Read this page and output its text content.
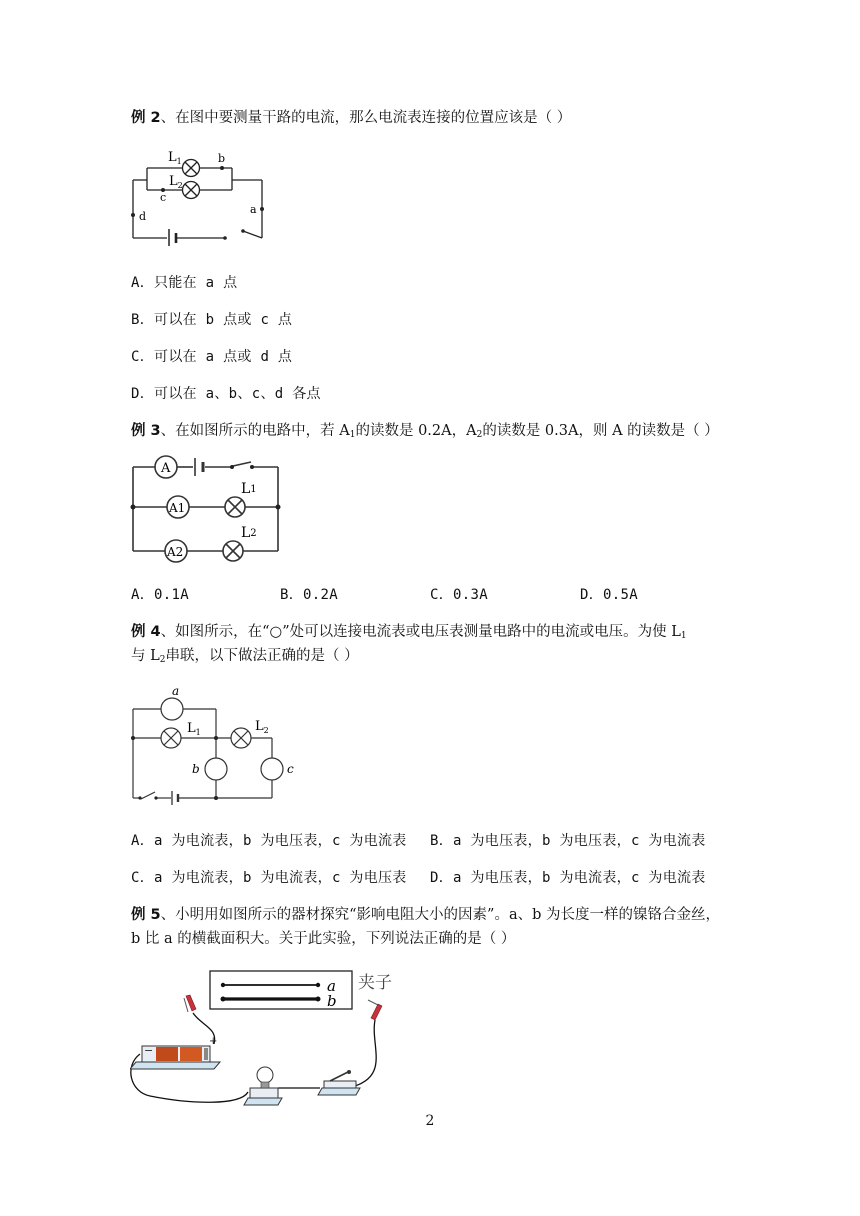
例 2、在图中要测量干路的电流，那么电流表连接的位置应该是（ ）
$L_1$
$L_2$
b
c
d
a
A．只能在 a 点
B．可以在 b 点或 c 点
C．可以在 a 点或 d 点
D．可以在 a、b、c、d 各点
例 3、在如图所示的电路中，若 $A_1$的读数是 0.2A，$A_2$的读数是 0.3A，则 A 的读数是（ ）
A
A1
A2
L1
L2
A．0.1A	B．0.2A	C．0.3A	D．0.5A
例 4、如图所示，在“○”处可以连接电流表或电压表测量电路中的电流或电压。为使 $L_1$
与 $L_2$串联，以下做法正确的是（ ）
a
$L_1$	$L_2$
b	c
A．a 为电流表，b 为电压表，c 为电流表 B．a 为电压表，b 为电压表，c 为电流表
C．a 为电流表，b 为电流表，c 为电压表 D．a 为电压表，b 为电流表，c 为电流表
例 5、小明用如图所示的器材探究“影响电阻大小的因素”。a、b 为长度一样的镍铬合金丝，
b 比 a 的横截面积大。关于此实验，下列说法正确的是（ ）
a
b
夹子
−
+
2
